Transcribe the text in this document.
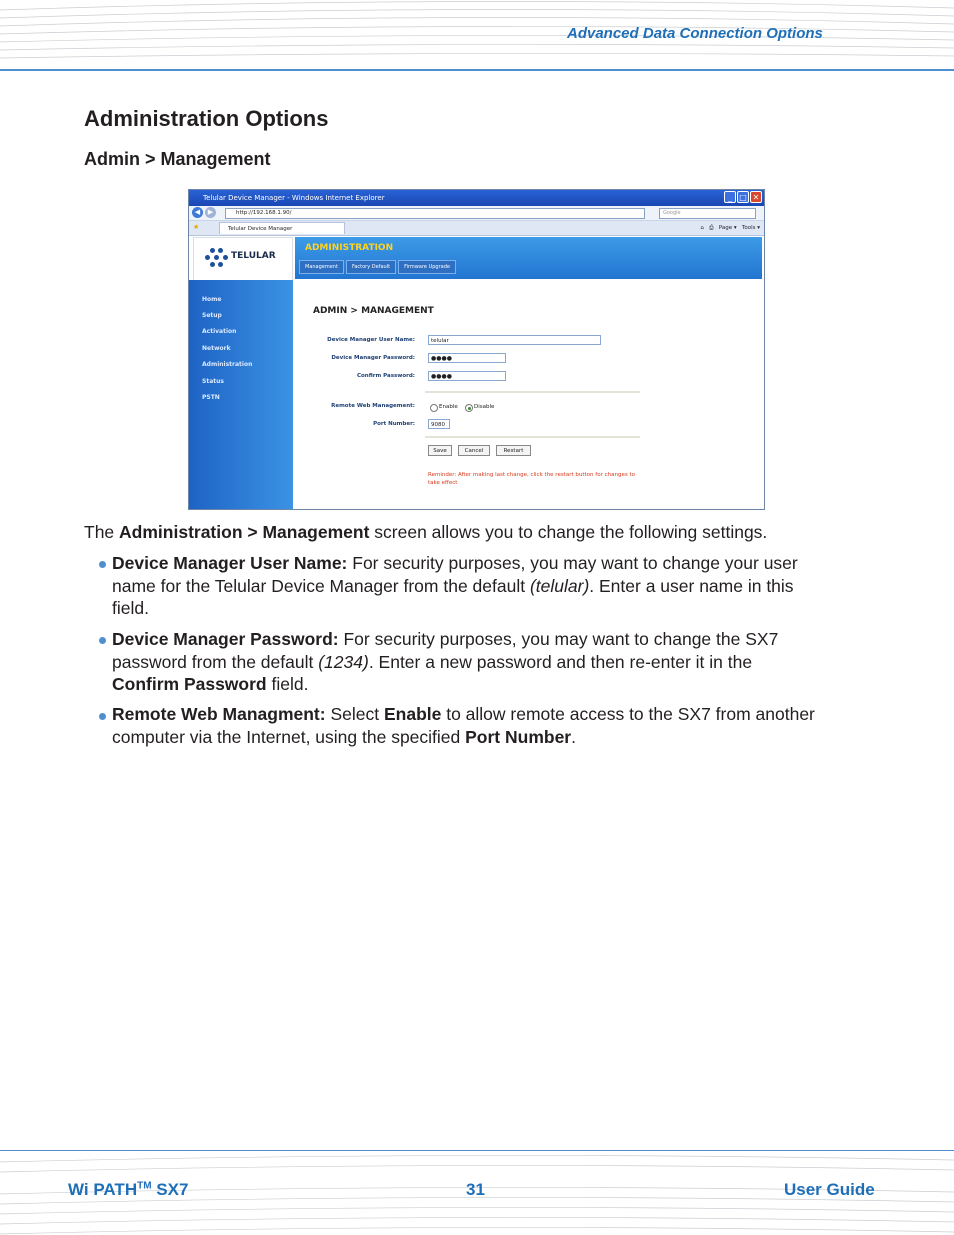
Advanced Data Connection Options
Administration Options
Admin > Management
Telular Device Manager - Windows Internet Explorer	_ □ ✕
◀	▶	http://192.168.1.90/	Google
★	Telular Device Manager	⌂ ⎙ Page ▾   Tools ▾
TELULAR
ADMINISTRATION
Management	Factory Default	Firmware Upgrade
Home
Setup
Activation
Network
Administration
Status
PSTN
ADMIN > MANAGEMENT
Device Manager User Name:	telular
Device Manager Password:	●●●●
Confirm Password:	●●●●
Remote Web Management:	Enable	Disable
Port Number:	9080
Save	Cancel	Restart
Reminder: After making last change, click the restart button for changes to take effect
The Administration > Management screen allows you to change the following settings.
Device Manager User Name: For security purposes, you may want to change your user
name for the Telular Device Manager from the default (telular). Enter a user name in this
field.
Device Manager Password: For security purposes, you may want to change the SX7
password from the default (1234). Enter a new password and then re-enter it in the
Confirm Password field.
Remote Web Managment: Select Enable to allow remote access to the SX7 from another
computer via the Internet, using the specified Port Number.
Wi PATH™ SX7	31	User Guide
